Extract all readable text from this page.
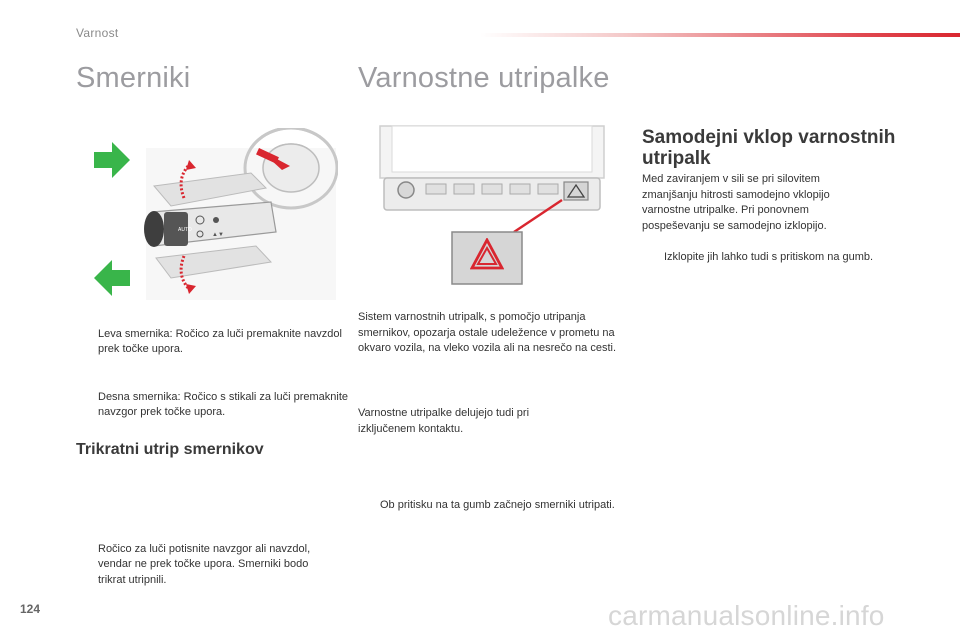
Varnost
Smerniki	Varnostne utripalke
AUTO
▲▼
Samodejni vklop varnostnih utripalk
Med zaviranjem v sili se pri silovitem zmanjšanju hitrosti samodejno vklopijo varnostne utripalke. Pri ponovnem pospeševanju se samodejno izklopijo.
Izklopite jih lahko tudi s pritiskom na gumb.
Leva smernika: Ročico za luči premaknite navzdol prek točke upora.
Desna smernika: Ročico s stikali za luči premaknite navzgor prek točke upora.
Trikratni utrip smernikov
Ročico za luči potisnite navzgor ali navzdol, vendar ne prek točke upora. Smerniki bodo trikrat utripnili.
Sistem varnostnih utripalk, s pomočjo utripanja smernikov, opozarja ostale udeležence v prometu na okvaro vozila, na vleko vozila ali na nesrečo na cesti.
Ob pritisku na ta gumb začnejo smerniki utripati.
Varnostne utripalke delujejo tudi pri izključenem kontaktu.
124	carmanualsonline.info
